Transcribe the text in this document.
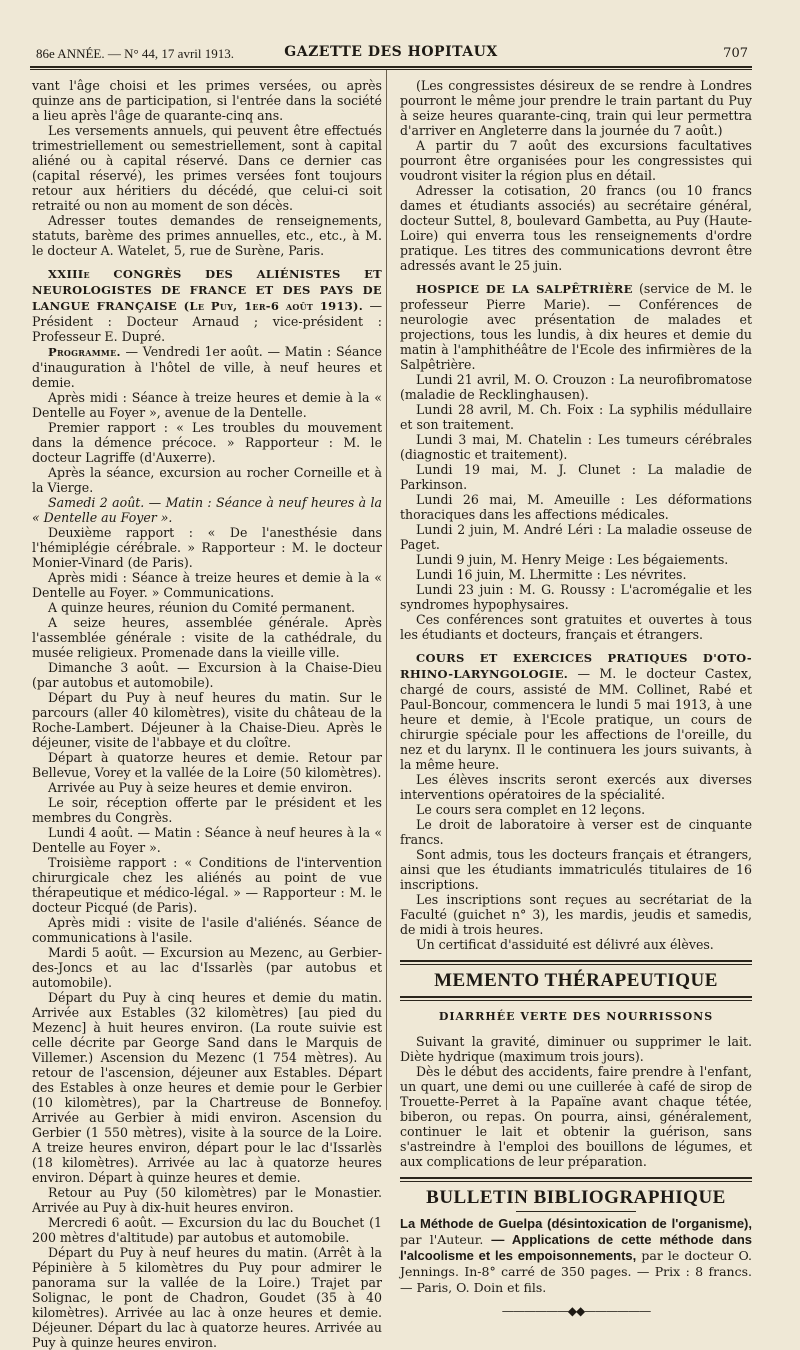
86e ANNÉE. — N° 44, 17 avril 1913.	GAZETTE DES HOPITAUX	707

vant l'âge choisi et les primes versées, ou après quinze ans de participation, si l'entrée dans la société a lieu après l'âge de quarante-cinq ans.

Les versements annuels, qui peuvent être effectués trimestriellement ou semestriellement, sont à capital aliéné ou à capital réservé. Dans ce dernier cas (capital réservé), les primes versées font toujours retour aux héritiers du décédé, que celui-ci soit retraité ou non au moment de son décès.

Adresser toutes demandes de renseignements, statuts, barème des primes annuelles, etc., etc., à M. le docteur A. Watelet, 5, rue de Surène, Paris.

XXIIIe CONGRÈS DES ALIÉNISTES ET NEUROLOGISTES DE FRANCE ET DES PAYS DE LANGUE FRANÇAISE (Le Puy, 1er-6 août 1913). — Président : Docteur Arnaud ; vice-président : Professeur E. Dupré.

Programme. — Vendredi 1er août. — Matin : Séance d'inauguration à l'hôtel de ville, à neuf heures et demie.

Après midi : Séance à treize heures et demie à la « Dentelle au Foyer », avenue de la Dentelle.

Premier rapport : « Les troubles du mouvement dans la démence précoce. » Rapporteur : M. le docteur Lagriffe (d'Auxerre).

Après la séance, excursion au rocher Corneille et à la Vierge.

Samedi 2 août. — Matin : Séance à neuf heures à la « Dentelle au Foyer ».

Deuxième rapport : « De l'anesthésie dans l'hémiplégie cérébrale. » Rapporteur : M. le docteur Monier-Vinard (de Paris).

Après midi : Séance à treize heures et demie à la « Dentelle au Foyer. » Communications.

A quinze heures, réunion du Comité permanent.

A seize heures, assemblée générale. Après l'assemblée générale : visite de la cathédrale, du musée religieux. Promenade dans la vieille ville.

Dimanche 3 août. — Excursion à la Chaise-Dieu (par autobus et automobile).

Départ du Puy à neuf heures du matin. Sur le parcours (aller 40 kilomètres), visite du château de la Roche-Lambert. Déjeuner à la Chaise-Dieu. Après le déjeuner, visite de l'abbaye et du cloître.

Départ à quatorze heures et demie. Retour par Bellevue, Vorey et la vallée de la Loire (50 kilomètres).

Arrivée au Puy à seize heures et demie environ.

Le soir, réception offerte par le président et les membres du Congrès.

Lundi 4 août. — Matin : Séance à neuf heures à la « Dentelle au Foyer ».

Troisième rapport : « Conditions de l'intervention chirurgicale chez les aliénés au point de vue thérapeutique et médico-légal. » — Rapporteur : M. le docteur Picqué (de Paris).

Après midi : visite de l'asile d'aliénés. Séance de communications à l'asile.

Mardi 5 août. — Excursion au Mezenc, au Gerbier-des-Joncs et au lac d'Issarlès (par autobus et automobile).

Départ du Puy à cinq heures et demie du matin. Arrivée aux Estables (32 kilomètres) [au pied du Mezenc] à huit heures environ. (La route suivie est celle décrite par George Sand dans le Marquis de Villemer.) Ascension du Mezenc (1 754 mètres). Au retour de l'ascension, déjeuner aux Estables. Départ des Estables à onze heures et demie pour le Gerbier (10 kilomètres), par la Chartreuse de Bonnefoy. Arrivée au Gerbier à midi environ. Ascension du Gerbier (1 550 mètres), visite à la source de la Loire. A treize heures environ, départ pour le lac d'Issarlès (18 kilomètres). Arrivée au lac à quatorze heures environ. Départ à quinze heures et demie.

Retour au Puy (50 kilomètres) par le Monastier. Arrivée au Puy à dix-huit heures environ.

Mercredi 6 août. — Excursion du lac du Bouchet (1 200 mètres d'altitude) par autobus et automobile.

Départ du Puy à neuf heures du matin. (Arrêt à la Pépinière à 5 kilomètres du Puy pour admirer le panorama sur la vallée de la Loire.) Trajet par Solignac, le pont de Chadron, Goudet (35 à 40 kilomètres). Arrivée au lac à onze heures et demie. Déjeuner. Départ du lac à quatorze heures. Arrivée au Puy à quinze heures environ.

(Les congressistes désireux de se rendre à Londres pourront le même jour prendre le train partant du Puy à seize heures quarante-cinq, train qui leur permettra d'arriver en Angleterre dans la journée du 7 août.)

A partir du 7 août des excursions facultatives pourront être organisées pour les congressistes qui voudront visiter la région plus en détail.

Adresser la cotisation, 20 francs (ou 10 francs dames et étudiants associés) au secrétaire général, docteur Suttel, 8, boulevard Gambetta, au Puy (Haute-Loire) qui enverra tous les renseignements d'ordre pratique. Les titres des communications devront être adressés avant le 25 juin.

HOSPICE DE LA SALPÊTRIÈRE (service de M. le professeur Pierre Marie). — Conférences de neurologie avec présentation de malades et projections, tous les lundis, à dix heures et demie du matin à l'amphithéâtre de l'Ecole des infirmières de la Salpêtrière.

Lundi 21 avril, M. O. Crouzon : La neurofibromatose (maladie de Recklinghausen).

Lundi 28 avril, M. Ch. Foix : La syphilis médullaire et son traitement.

Lundi 3 mai, M. Chatelin : Les tumeurs cérébrales (diagnostic et traitement).

Lundi 19 mai, M. J. Clunet : La maladie de Parkinson.

Lundi 26 mai, M. Ameuille : Les déformations thoraciques dans les affections médicales.

Lundi 2 juin, M. André Léri : La maladie osseuse de Paget.

Lundi 9 juin, M. Henry Meige : Les bégaiements.

Lundi 16 juin, M. Lhermitte : Les névrites.

Lundi 23 juin : M. G. Roussy : L'acromégalie et les syndromes hypophysaires.

Ces conférences sont gratuites et ouvertes à tous les étudiants et docteurs, français et étrangers.

COURS ET EXERCICES PRATIQUES D'OTO-RHINO-LARYNGOLOGIE. — M. le docteur Castex, chargé de cours, assisté de MM. Collinet, Rabé et Paul-Boncour, commencera le lundi 5 mai 1913, à une heure et demie, à l'Ecole pratique, un cours de chirurgie spéciale pour les affections de l'oreille, du nez et du larynx. Il le continuera les jours suivants, à la même heure.

Les élèves inscrits seront exercés aux diverses interventions opératoires de la spécialité.

Le cours sera complet en 12 leçons.

Le droit de laboratoire à verser est de cinquante francs.

Sont admis, tous les docteurs français et étrangers, ainsi que les étudiants immatriculés titulaires de 16 inscriptions.

Les inscriptions sont reçues au secrétariat de la Faculté (guichet n° 3), les mardis, jeudis et samedis, de midi à trois heures.

Un certificat d'assiduité est délivré aux élèves.

MEMENTO THÉRAPEUTIQUE
DIARRHÉE VERTE DES NOURRISSONS

Suivant la gravité, diminuer ou supprimer le lait. Diète hydrique (maximum trois jours).

Dès le début des accidents, faire prendre à l'enfant, un quart, une demi ou une cuillerée à café de sirop de Trouette-Perret à la Papaïne avant chaque tétée, biberon, ou repas. On pourra, ainsi, généralement, continuer le lait et obtenir la guérison, sans s'astreindre à l'emploi des bouillons de légumes, et aux complications de leur préparation.

BULLETIN BIBLIOGRAPHIQUE

La Méthode de Guelpa (désintoxication de l'organisme), par l'Auteur. — Applications de cette méthode dans l'alcoolisme et les empoisonnements, par le docteur O. Jennings. In-8° carré de 350 pages. — Prix : 8 francs. — Paris, O. Doin et fils.

——————◆◆——————
